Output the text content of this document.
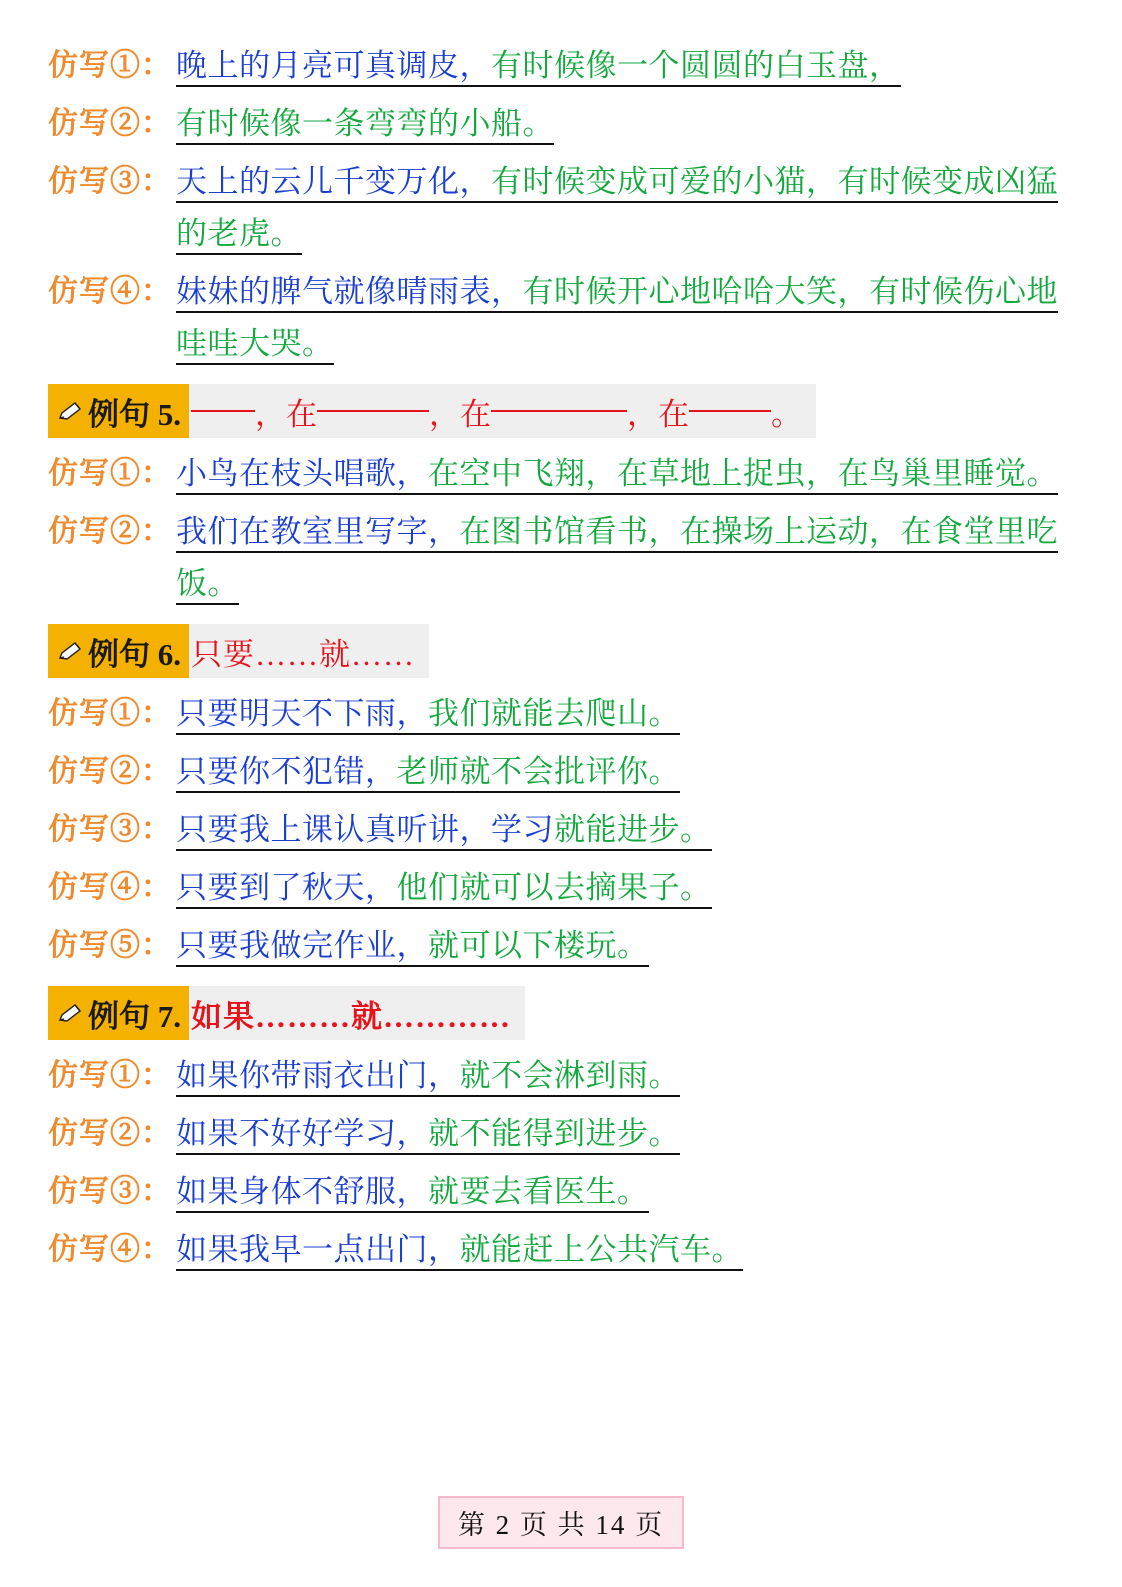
仿写①： 晚上的月亮可真调皮，有时候像一个圆圆的白玉盘，
仿写②： 有时候像一条弯弯的小船。
仿写③： 天上的云儿千变万化，有时候变成可爱的小猫，有时候变成凶猛的老虎。
仿写④： 妹妹的脾气就像晴雨表，有时候开心地哈哈大笑，有时候伤心地哇哇大哭。
例句 5. ，在	，在	，在	。
仿写①： 小鸟在枝头唱歌，在空中飞翔，在草地上捉虫，在鸟巢里睡觉。
仿写②： 我们在教室里写字，在图书馆看书，在操场上运动，在食堂里吃饭。
例句 6. 只要……就……
仿写①： 只要明天不下雨，我们就能去爬山。
仿写②： 只要你不犯错，老师就不会批评你。
仿写③： 只要我上课认真听讲，学习就能进步。
仿写④： 只要到了秋天，他们就可以去摘果子。
仿写⑤： 只要我做完作业，就可以下楼玩。
例句 7. 如果………就…………
仿写①： 如果你带雨衣出门，就不会淋到雨。
仿写②： 如果不好好学习，就不能得到进步。
仿写③： 如果身体不舒服，就要去看医生。
仿写④： 如果我早一点出门，就能赶上公共汽车。
第 2 页 共 14 页
